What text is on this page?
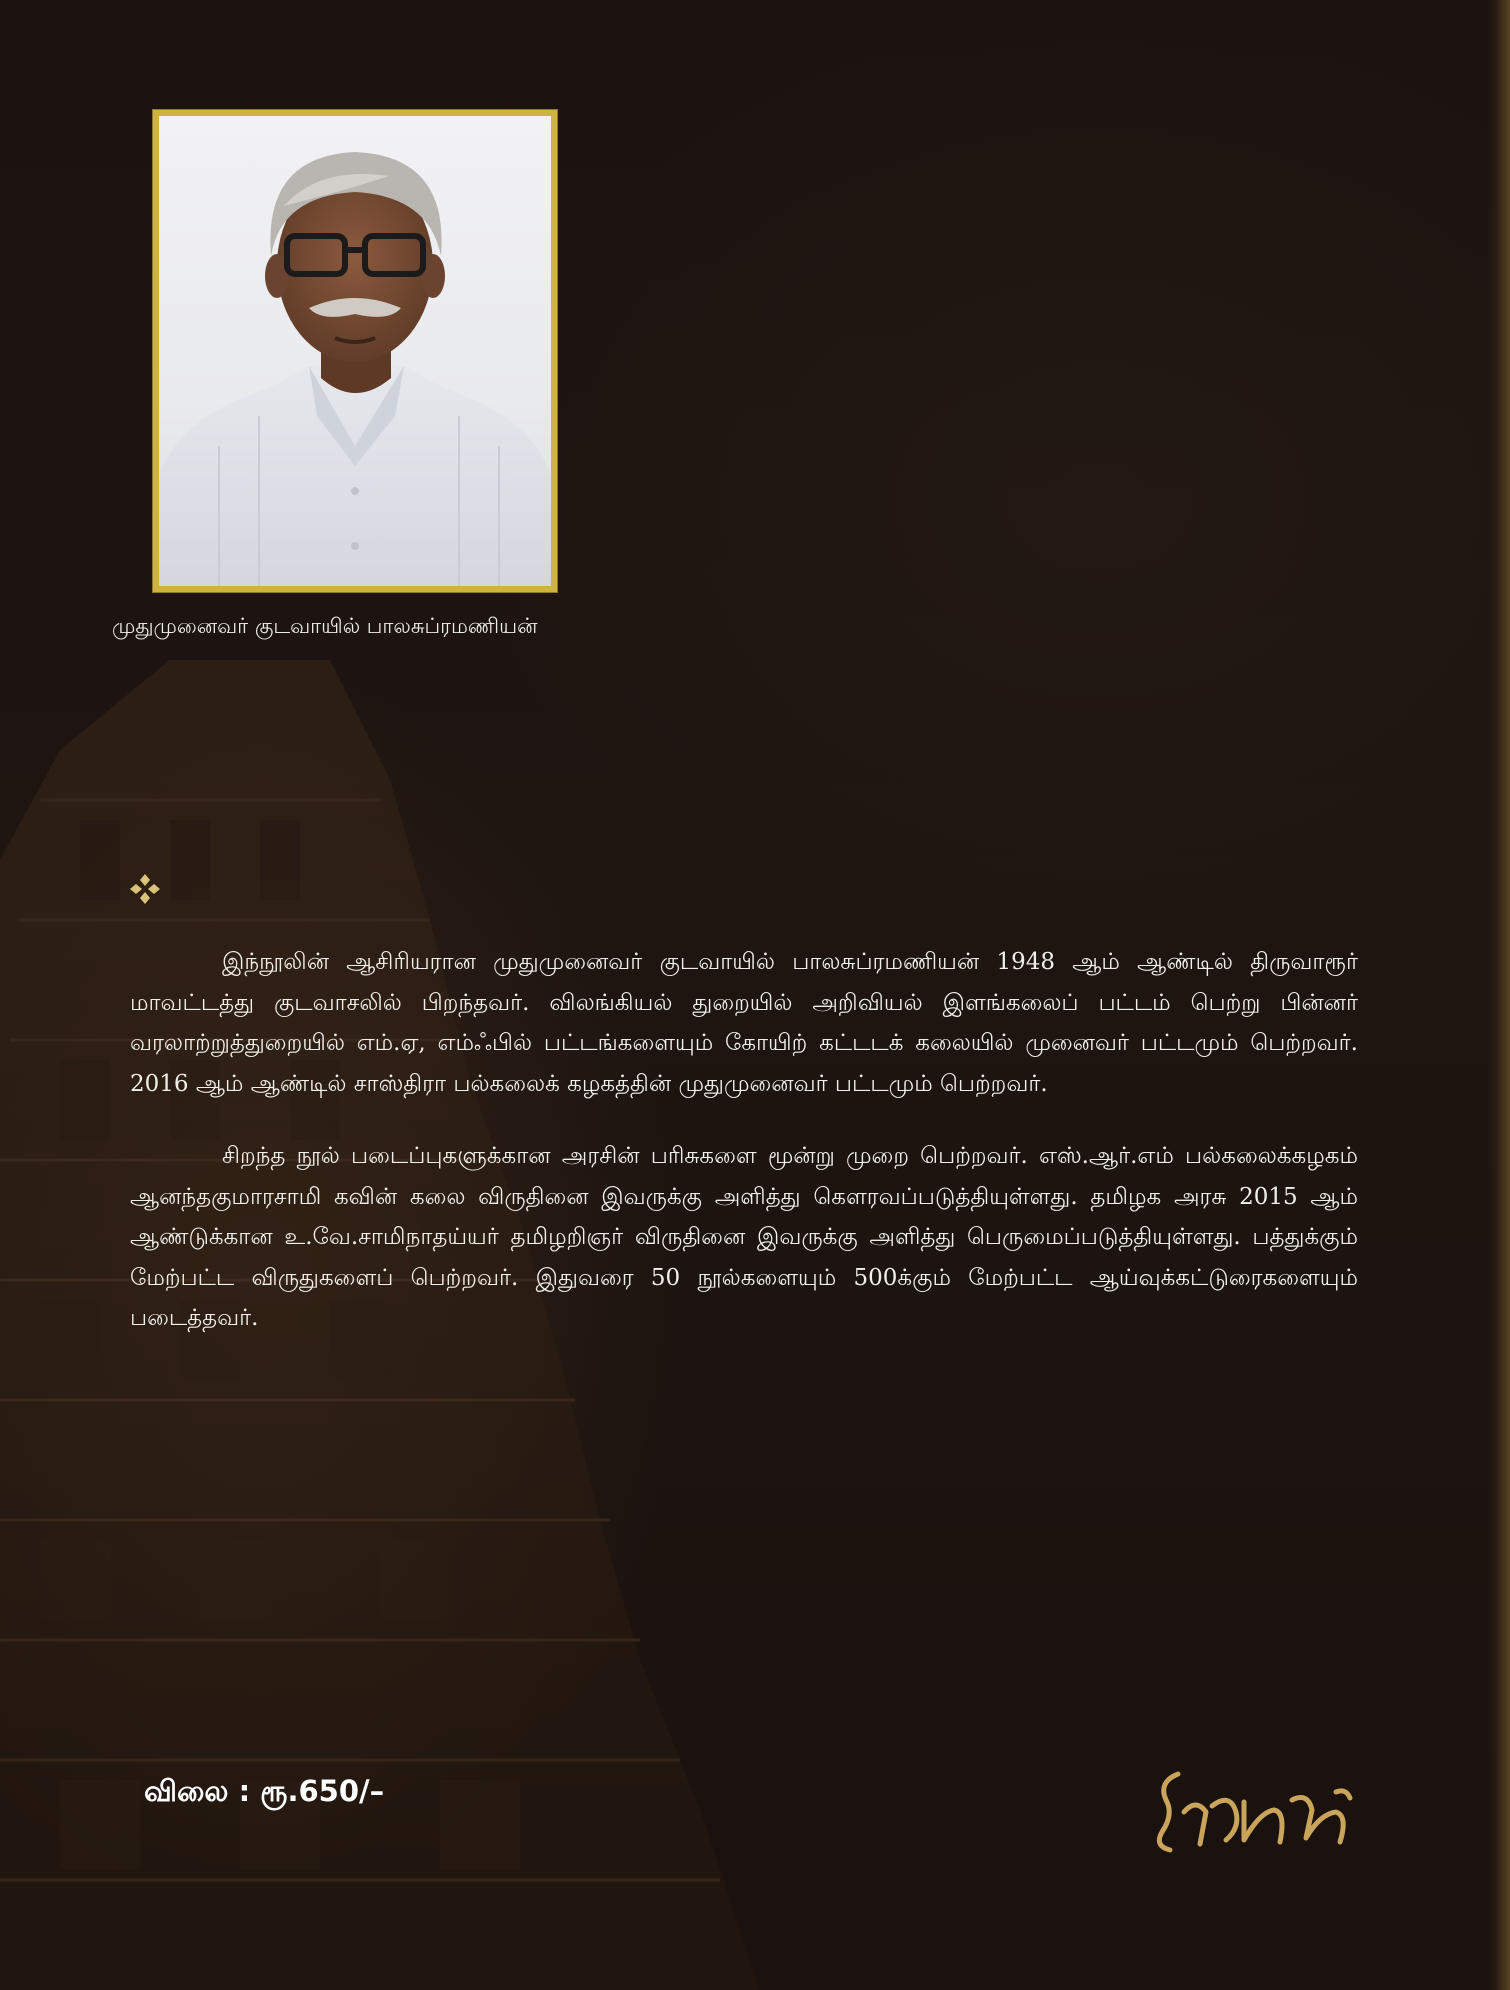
முதுமுனைவர் குடவாயில் பாலசுப்ரமணியன்

இந்நூலின் ஆசிரியரான முதுமுனைவர் குடவாயில் பாலசுப்ரமணியன் 1948 ஆம் ஆண்டில் திருவாரூர் மாவட்டத்து குடவாசலில் பிறந்தவர். விலங்கியல் துறையில் அறிவியல் இளங்கலைப் பட்டம் பெற்று பின்னர் வரலாற்றுத்துறையில் எம்.ஏ, எம்ஃபில் பட்டங்களையும் கோயிற் கட்டடக் கலையில் முனைவர் பட்டமும் பெற்றவர். 2016 ஆம் ஆண்டில் சாஸ்திரா பல்கலைக் கழகத்தின் முதுமுனைவர் பட்டமும் பெற்றவர்.

சிறந்த நூல் படைப்புகளுக்கான அரசின் பரிசுகளை மூன்று முறை பெற்றவர். எஸ்.ஆர்.எம் பல்கலைக்கழகம் ஆனந்தகுமாரசாமி கவின் கலை விருதினை இவருக்கு அளித்து கௌரவப்படுத்தியுள்ளது. தமிழக அரசு 2015 ஆம் ஆண்டுக்கான உ.வே.சாமிநாதய்யர் தமிழறிஞர் விருதினை இவருக்கு அளித்து பெருமைப்படுத்தியுள்ளது. பத்துக்கும் மேற்பட்ட விருதுகளைப் பெற்றவர். இதுவரை 50 நூல்களையும் 500க்கும் மேற்பட்ட ஆய்வுக்கட்டுரைகளையும் படைத்தவர்.

விலை : ரூ.650/–
